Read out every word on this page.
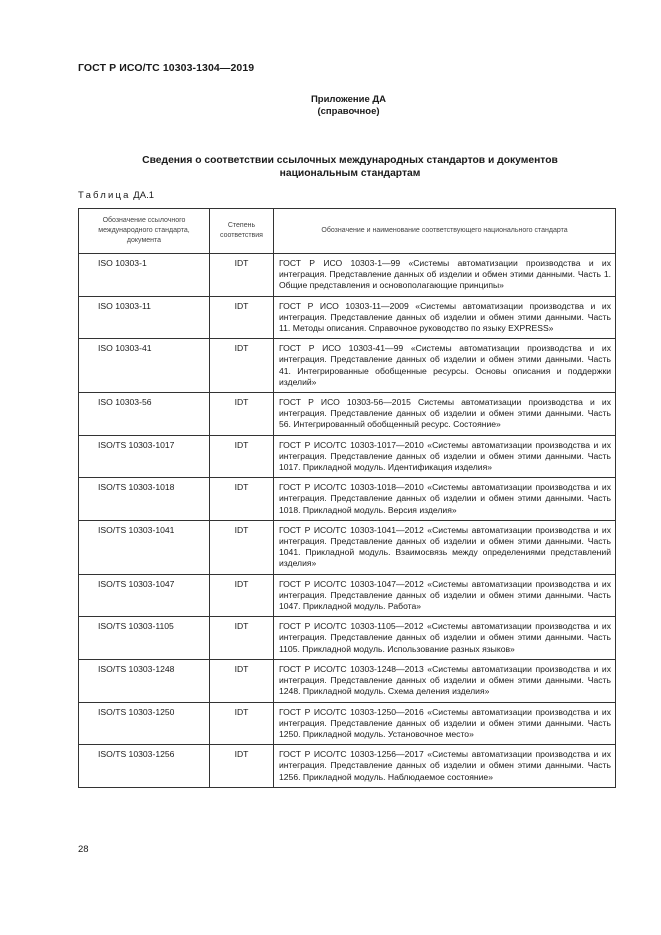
ГОСТ Р ИСО/ТС 10303-1304—2019
Приложение ДА
(справочное)
Сведения о соответствии ссылочных международных стандартов и документов
национальным стандартам
Таблица ДА.1
Обозначение ссылочного международного стандарта, документа	Степень соответствия	Обозначение и наименование соответствующего национального стандарта
ISO 10303-1	IDT	ГОСТ Р ИСО 10303-1—99 «Системы автоматизации производства и их интеграция. Представление данных об изделии и обмен этими данными. Часть 1. Общие представления и основополагающие принципы»
ISO 10303-11	IDT	ГОСТ Р ИСО 10303-11—2009 «Системы автоматизации производства и их интеграция. Представление данных об изделии и обмен этими данными. Часть 11. Методы описания. Справочное руководство по языку EXPRESS»
ISO 10303-41	IDT	ГОСТ Р ИСО 10303-41—99 «Системы автоматизации производства и их интеграция. Представление данных об изделии и обмен этими данными. Часть 41. Интегрированные обобщенные ресурсы. Основы описания и поддержки изделий»
ISO 10303-56	IDT	ГОСТ Р ИСО 10303-56—2015 Системы автоматизации производства и их интеграция. Представление данных об изделии и обмен этими данными. Часть 56. Интегрированный обобщенный ресурс. Состояние»
ISO/TS 10303-1017	IDT	ГОСТ Р ИСО/ТС 10303-1017—2010 «Системы автоматизации производства и их интеграция. Представление данных об изделии и обмен этими данными. Часть 1017. Прикладной модуль. Идентификация изделия»
ISO/TS 10303-1018	IDT	ГОСТ Р ИСО/ТС 10303-1018—2010 «Системы автоматизации производства и их интеграция. Представление данных об изделии и обмен этими данными. Часть 1018. Прикладной модуль. Версия изделия»
ISO/TS 10303-1041	IDT	ГОСТ Р ИСО/ТС 10303-1041—2012 «Системы автоматизации производства и их интеграция. Представление данных об изделии и обмен этими данными. Часть 1041. Прикладной модуль. Взаимосвязь между определениями представлений изделия»
ISO/TS 10303-1047	IDT	ГОСТ Р ИСО/ТС 10303-1047—2012 «Системы автоматизации производства и их интеграция. Представление данных об изделии и обмен этими данными. Часть 1047. Прикладной модуль. Работа»
ISO/TS 10303-1105	IDT	ГОСТ Р ИСО/ТС 10303-1105—2012 «Системы автоматизации производства и их интеграция. Представление данных об изделии и обмен этими данными. Часть 1105. Прикладной модуль. Использование разных языков»
ISO/TS 10303-1248	IDT	ГОСТ Р ИСО/ТС 10303-1248—2013 «Системы автоматизации производства и их интеграция. Представление данных об изделии и обмен этими данными. Часть 1248. Прикладной модуль. Схема деления изделия»
ISO/TS 10303-1250	IDT	ГОСТ Р ИСО/ТС 10303-1250—2016 «Системы автоматизации производства и их интеграция. Представление данных об изделии и обмен этими данными. Часть 1250. Прикладной модуль. Установочное место»
ISO/TS 10303-1256	IDT	ГОСТ Р ИСО/ТС 10303-1256—2017 «Системы автоматизации производства и их интеграция. Представление данных об изделии и обмен этими данными. Часть 1256. Прикладной модуль. Наблюдаемое состояние»
28
